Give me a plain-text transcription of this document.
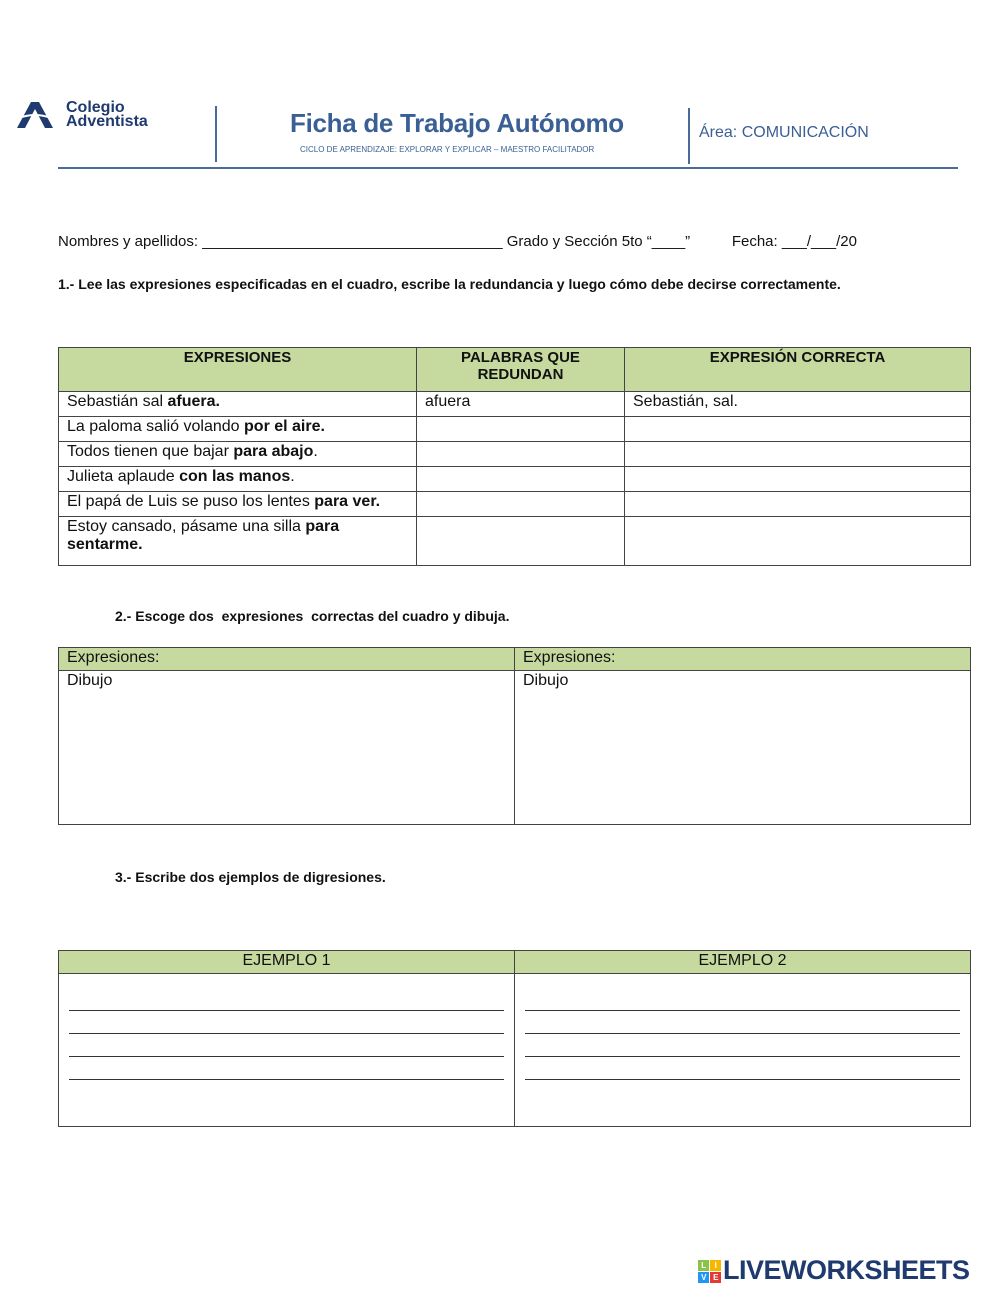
Colegio
Adventista	Ficha de Trabajo Autónomo
CICLO DE APRENDIZAJE: EXPLORAR Y EXPLICAR – MAESTRO FACILITADOR
Área: COMUNICACIÓN
Nombres y apellidos: ____________________________________ Grado y Sección 5to “____”          Fecha: ___/___/20
1.- Lee las expresiones especificadas en el cuadro, escribe la redundancia y luego cómo debe decirse correctamente.
EXPRESIONES	PALABRAS QUE REDUNDAN	EXPRESIÓN CORRECTA
Sebastián sal afuera.	afuera	Sebastián, sal.
La paloma salió volando por el aire.		
Todos tienen que bajar para abajo.		
Julieta aplaude con las manos.		
El papá de Luis se puso los lentes para ver.		
Estoy cansado, pásame una silla para sentarme.		
2.- Escoge dos  expresiones  correctas del cuadro y dibuja.
Expresiones:	Expresiones:
Dibujo	Dibujo
3.- Escribe dos ejemplos de digresiones.
EJEMPLO 1	EJEMPLO 2

L	I
V E LIVEWORKSHEETS
